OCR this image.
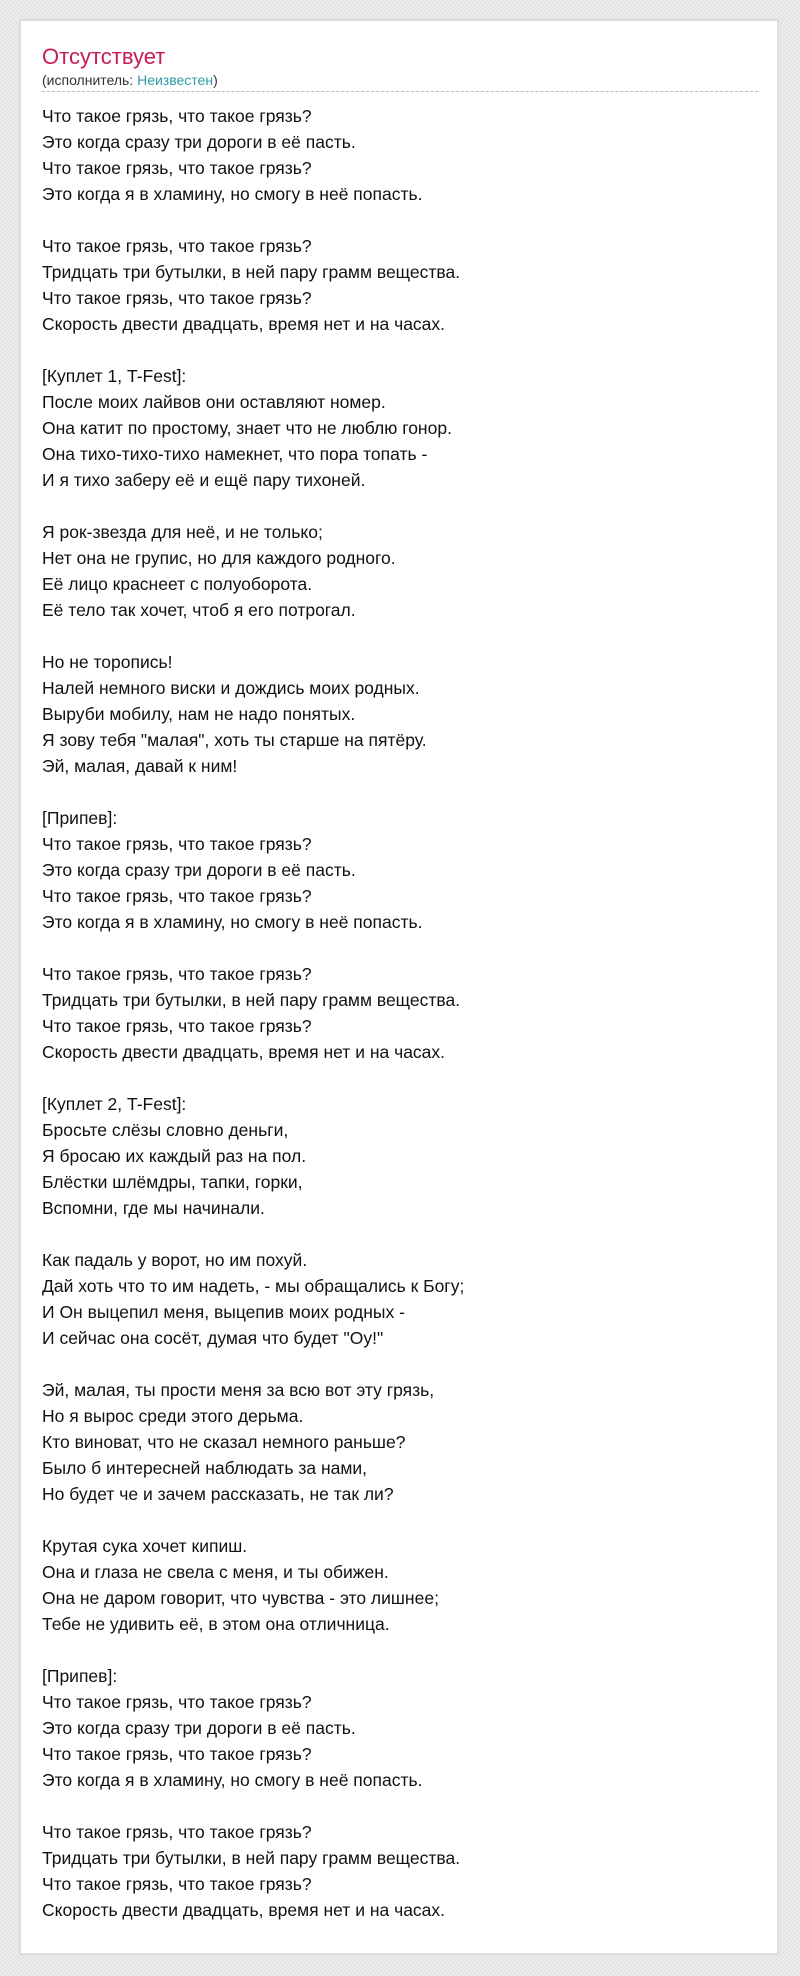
Отсутствует

(исполнитель: Неизвестен)

Что такое грязь, что такое грязь?
Это когда сразу три дороги в её пасть.
Что такое грязь, что такое грязь?
Это когда я в хламину, но смогу в неё попасть.
Что такое грязь, что такое грязь?
Тридцать три бутылки, в ней пару грамм вещества.
Что такое грязь, что такое грязь?
Скорость двести двадцать, время нет и на часах.
[Куплет 1, T-Fest]:
После моих лайвов они оставляют номер.
Она катит по простому, знает что не люблю гонор.
Она тихо-тихо-тихо намекнет, что пора топать -
И я тихо заберу её и ещё пару тихоней.
Я рок-звезда для неё, и не только;
Нет она не групис, но для каждого родного.
Её лицо краснеет с полуоборота.
Её тело так хочет, чтоб я его потрогал.
Но не торопись!
Налей немного виски и дождись моих родных.
Выруби мобилу, нам не надо понятых.
Я зову тебя "малая", хоть ты старше на пятёру.
Эй, малая, давай к ним!
[Припев]:
Что такое грязь, что такое грязь?
Это когда сразу три дороги в её пасть.
Что такое грязь, что такое грязь?
Это когда я в хламину, но смогу в неё попасть.
Что такое грязь, что такое грязь?
Тридцать три бутылки, в ней пару грамм вещества.
Что такое грязь, что такое грязь?
Скорость двести двадцать, время нет и на часах.
[Куплет 2, T-Fest]:
Бросьте слёзы словно деньги,
Я бросаю их каждый раз на пол.
Блёстки шлёмдры, тапки, горки,
Вспомни, где мы начинали.
Как падаль у ворот, но им похуй.
Дай хоть что то им надеть, - мы обращались к Богу;
И Он выцепил меня, выцепив моих родных -
И сейчас она сосёт, думая что будет "Оу!"
Эй, малая, ты прости меня за всю вот эту грязь,
Но я вырос среди этого дерьма.
Кто виноват, что не сказал немного раньше?
Было б интересней наблюдать за нами,
Но будет че и зачем рассказать, не так ли?
Крутая сука хочет кипиш.
Она и глаза не свела с меня, и ты обижен.
Она не даром говорит, что чувства - это лишнее;
Тебе не удивить её, в этом она отличница.
[Припев]:
Что такое грязь, что такое грязь?
Это когда сразу три дороги в её пасть.
Что такое грязь, что такое грязь?
Это когда я в хламину, но смогу в неё попасть.
Что такое грязь, что такое грязь?
Тридцать три бутылки, в ней пару грамм вещества.
Что такое грязь, что такое грязь?
Скорость двести двадцать, время нет и на часах.
